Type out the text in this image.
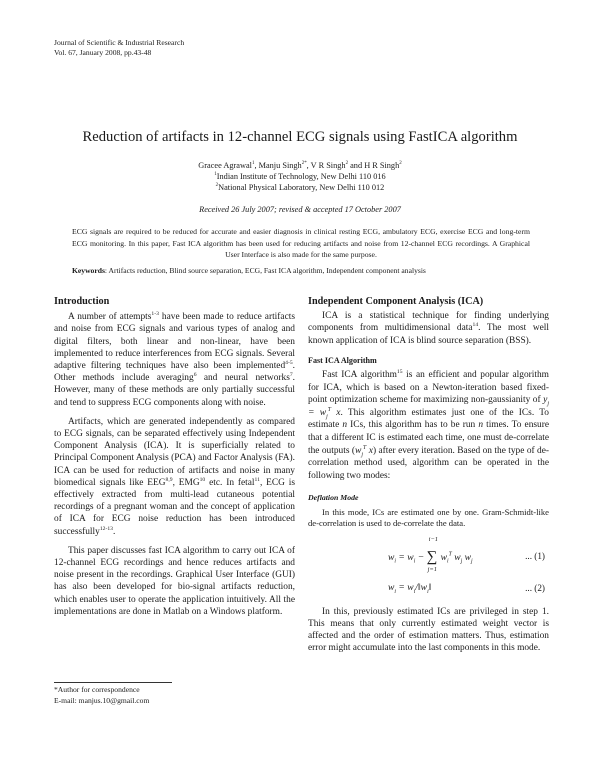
Journal of Scientific & Industrial Research
Vol. 67, January 2008, pp.43-48
Reduction of artifacts in 12-channel ECG signals using FastICA algorithm
Gracee Agrawal$^1$, Manju Singh$^{2*}$, V R Singh$^2$ and H R Singh$^2$
$^1$Indian Institute of Technology, New Delhi 110 016
$^2$National Physical Laboratory, New Delhi 110 012
Received 26 July 2007; revised & accepted 17 October 2007
ECG signals are required to be reduced for accurate and easier diagnosis in clinical resting ECG, ambulatory ECG, exercise ECG and long-term ECG monitoring. In this paper, Fast ICA algorithm has been used for reducing artifacts and noise from 12-channel ECG recordings. A Graphical User Interface is also made for the same purpose.
Keywords: Artifacts reduction, Blind source separation, ECG, Fast ICA algorithm, Independent component analysis
Introduction

A number of attempts$^{1-3}$ have been made to reduce artifacts and noise from ECG signals and various types of analog and digital filters, both linear and non-linear, have been implemented to reduce interferences from ECG signals. Several adaptive filtering techniques have also been implemented$^{4-5}$. Other methods include averaging$^6$ and neural networks$^7$. However, many of these methods are only partially successful and tend to suppress ECG components along with noise.

Artifacts, which are generated independently as compared to ECG signals, can be separated effectively using Independent Component Analysis (ICA). It is superficially related to Principal Component Analysis (PCA) and Factor Analysis (FA). ICA can be used for reduction of artifacts and noise in many biomedical signals like EEG$^{8,9}$, EMG$^{10}$ etc. In fetal$^{11}$, ECG is effectively extracted from multi-lead cutaneous potential recordings of a pregnant woman and the concept of application of ICA for ECG noise reduction has been introduced successfully$^{12-13}$.

This paper discusses fast ICA algorithm to carry out ICA of 12-channel ECG recordings and hence reduces artifacts and noise present in the recordings. Graphical User Interface (GUI) has also been developed for bio-signal artifacts reduction, which enables user to operate the application intuitively. All the implementations are done in Matlab on a Windows platform.

*Author for correspondence
E-mail: manjus.10@gmail.com
Independent Component Analysis (ICA)

ICA is a statistical technique for finding underlying components from multidimensional data$^{14}$. The most well known application of ICA is blind source separation (BSS).

Fast ICA Algorithm

Fast ICA algorithm$^{15}$ is an efficient and popular algorithm for ICA, which is based on a Newton-iteration based fixed-point optimization scheme for maximizing non-gaussianity of $y_j = w_j^T$ x. This algorithm estimates just one of the ICs. To estimate n ICs, this algorithm has to be run n times. To ensure that a different IC is estimated each time, one must de-correlate the outputs ($w_j^T$ x) after every iteration. Based on the type of de-correlation method used, algorithm can be operated in the following two modes:

Deflation Mode

In this mode, ICs are estimated one by one. Gram-Schmidt-like de-correlation is used to de-correlate the data.

$w_i = w_i$ −
i−1
∑
j=1
$w_i^T$ $w_j$ $w_j$
... (1)
$w_i$ = $w_i/‖w_i‖$	... (2)

In this, previously estimated ICs are privileged in step 1. This means that only currently estimated weight vector is affected and the order of estimation matters. Thus, estimation error might accumulate into the last components in this mode.
